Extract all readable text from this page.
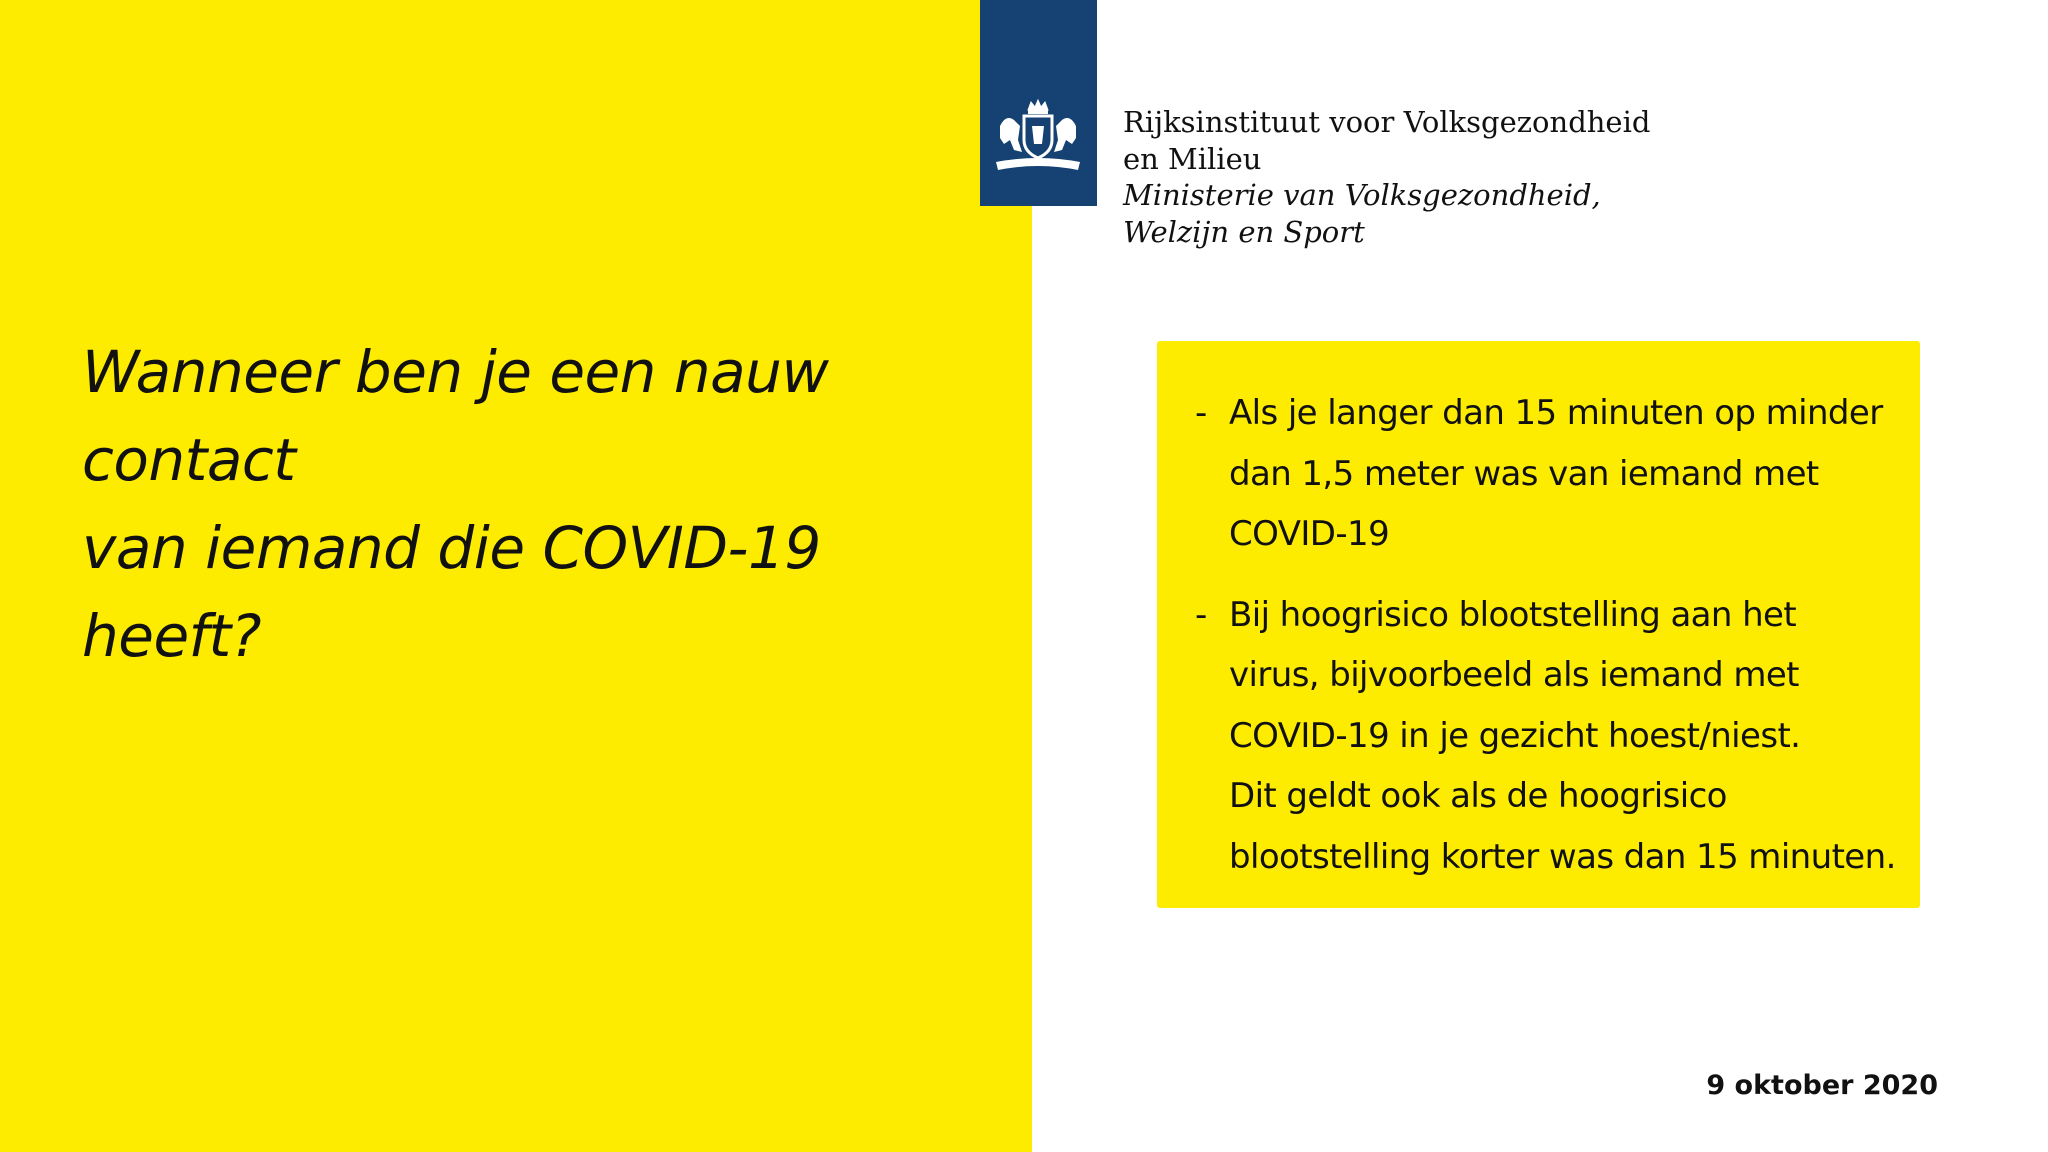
Wanneer ben je een nauw contact
van iemand die COVID-19 heeft?
Rijksinstituut voor Volksgezondheid
en Milieu
Ministerie van Volksgezondheid,
Welzijn en Sport
- Als je langer dan 15 minuten op minder
dan 1,5 meter was van iemand met
COVID-19
- Bij hoogrisico blootstelling aan het
virus, bijvoorbeeld als iemand met
COVID-19 in je gezicht hoest/niest.
Dit geldt ook als de hoogrisico
blootstelling korter was dan 15 minuten.
9 oktober 2020
